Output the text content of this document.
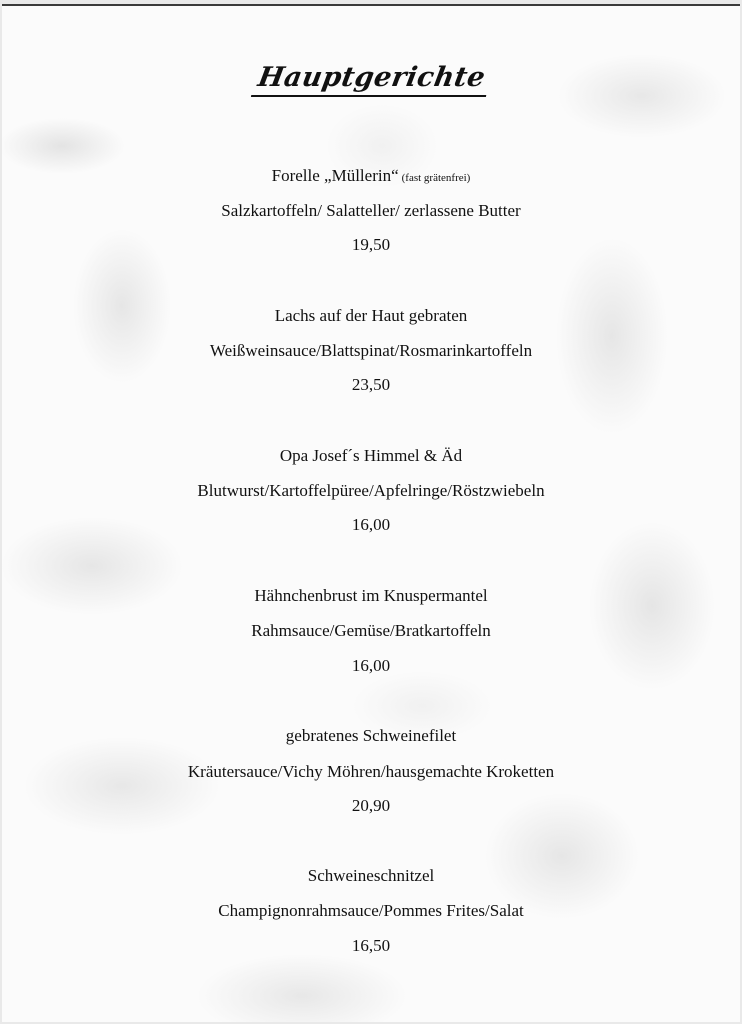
Hauptgerichte
Forelle „Müllerin“ (fast grätenfrei)
Salzkartoffeln/ Salatteller/ zerlassene Butter
19,50
Lachs auf der Haut gebraten
Weißweinsauce/Blattspinat/Rosmarinkartoffeln
23,50
Opa Josef´s Himmel & Äd
Blutwurst/Kartoffelpüree/Apfelringe/Röstzwiebeln
16,00
Hähnchenbrust im Knuspermantel
Rahmsauce/Gemüse/Bratkartoffeln
16,00
gebratenes Schweinefilet
Kräutersauce/Vichy Möhren/hausgemachte Kroketten
20,90
Schweineschnitzel
Champignonrahmsauce/Pommes Frites/Salat
16,50
